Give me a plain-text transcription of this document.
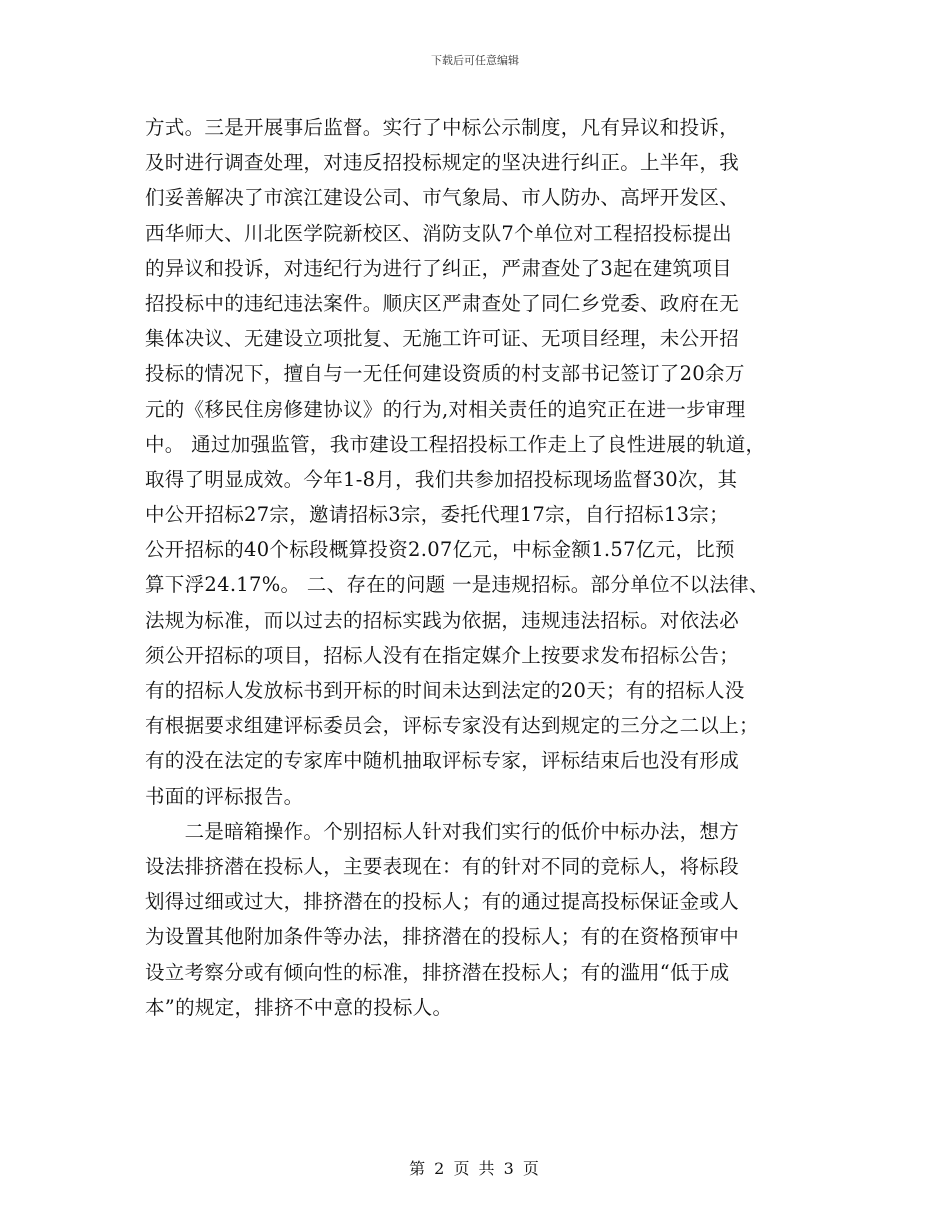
下载后可任意编辑
方式。三是开展事后监督。实行了中标公示制度，凡有异议和投诉，
及时进行调查处理，对违反招投标规定的坚决进行纠正。上半年，我
们妥善解决了市滨江建设公司、市气象局、市人防办、高坪开发区、
西华师大、川北医学院新校区、消防支队7个单位对工程招投标提出
的异议和投诉，对违纪行为进行了纠正，严肃查处了3起在建筑项目
招投标中的违纪违法案件。顺庆区严肃查处了同仁乡党委、政府在无
集体决议、无建设立项批复、无施工许可证、无项目经理，未公开招
投标的情况下，擅自与一无任何建设资质的村支部书记签订了20余万
元的《移民住房修建协议》的行为,对相关责任的追究正在进一步审理
中。 通过加强监管，我市建设工程招投标工作走上了良性进展的轨道，
取得了明显成效。今年1-8月，我们共参加招投标现场监督30次，其
中公开招标27宗，邀请招标3宗，委托代理17宗，自行招标13宗；
公开招标的40个标段概算投资2.07亿元，中标金额1.57亿元，比预
算下浮24.17%。 二、存在的问题 一是违规招标。部分单位不以法律、
法规为标准，而以过去的招标实践为依据，违规违法招标。对依法必
须公开招标的项目，招标人没有在指定媒介上按要求发布招标公告；
有的招标人发放标书到开标的时间未达到法定的20天；有的招标人没
有根据要求组建评标委员会，评标专家没有达到规定的三分之二以上；
有的没在法定的专家库中随机抽取评标专家，评标结束后也没有形成
书面的评标报告。
　　二是暗箱操作。个别招标人针对我们实行的低价中标办法，想方
设法排挤潜在投标人，主要表现在：有的针对不同的竞标人，将标段
划得过细或过大，排挤潜在的投标人；有的通过提高投标保证金或人
为设置其他附加条件等办法，排挤潜在的投标人；有的在资格预审中
设立考察分或有倾向性的标准，排挤潜在投标人；有的滥用“低于成
本”的规定，排挤不中意的投标人。
第 2 页 共 3 页
